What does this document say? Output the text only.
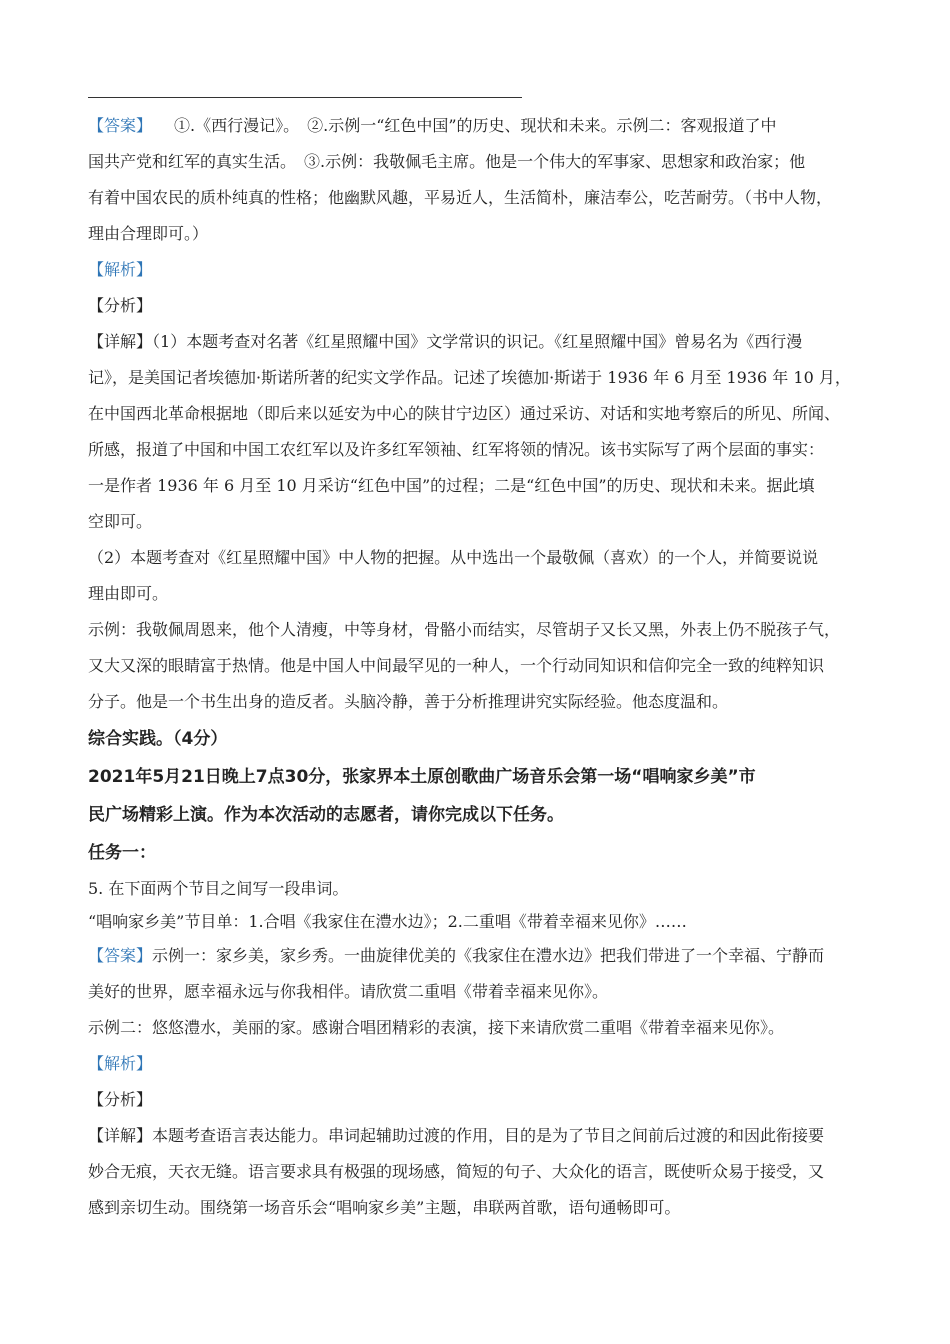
【答案】 ①.《西行漫记》。　②.示例一“红色中国”的历史、现状和未来。示例二：客观报道了中

国共产党和红军的真实生活。　③.示例：我敬佩毛主席。他是一个伟大的军事家、思想家和政治家；他

有着中国农民的质朴纯真的性格；他幽默风趣，平易近人，生活简朴，廉洁奉公，吃苦耐劳。（书中人物，

理由合理即可。）

【解析】

【分析】

【详解】（1）本题考查对名著《红星照耀中国》文学常识的识记。《红星照耀中国》曾易名为《西行漫

记》，是美国记者埃德加·斯诺所著的纪实文学作品。记述了埃德加·斯诺于 1936 年 6 月至 1936 年 10 月，

在中国西北革命根据地（即后来以延安为中心的陕甘宁边区）通过采访、对话和实地考察后的所见、所闻、

所感，报道了中国和中国工农红军以及许多红军领袖、红军将领的情况。该书实际写了两个层面的事实：

一是作者 1936 年 6 月至 10 月采访“红色中国”的过程；二是“红色中国”的历史、现状和未来。据此填

空即可。

（2）本题考查对《红星照耀中国》中人物的把握。从中选出一个最敬佩（喜欢）的一个人，并简要说说

理由即可。

示例：我敬佩周恩来，他个人清瘦，中等身材，骨骼小而结实，尽管胡子又长又黑，外表上仍不脱孩子气，

又大又深的眼睛富于热情。他是中国人中间最罕见的一种人，一个行动同知识和信仰完全一致的纯粹知识

分子。他是一个书生出身的造反者。头脑冷静，善于分析推理讲究实际经验。他态度温和。

综合实践。（4分）

2021年5月21日晚上7点30分，张家界本土原创歌曲广场音乐会第一场“唱响家乡美”市

民广场精彩上演。作为本次活动的志愿者，请你完成以下任务。

任务一：

5. 在下面两个节目之间写一段串词。

“唱响家乡美”节目单：1.合唱《我家住在澧水边》；2.二重唱《带着幸福来见你》……

【答案】示例一：家乡美，家乡秀。一曲旋律优美的《我家住在澧水边》把我们带进了一个幸福、宁静而

美好的世界，愿幸福永远与你我相伴。请欣赏二重唱《带着幸福来见你》。

示例二：悠悠澧水，美丽的家。感谢合唱团精彩的表演，接下来请欣赏二重唱《带着幸福来见你》。

【解析】

【分析】

【详解】本题考查语言表达能力。串词起辅助过渡的作用，目的是为了节目之间前后过渡的和因此衔接要

妙合无痕，天衣无缝。语言要求具有极强的现场感，简短的句子、大众化的语言，既使听众易于接受，又

感到亲切生动。围绕第一场音乐会“唱响家乡美”主题，串联两首歌，语句通畅即可。
